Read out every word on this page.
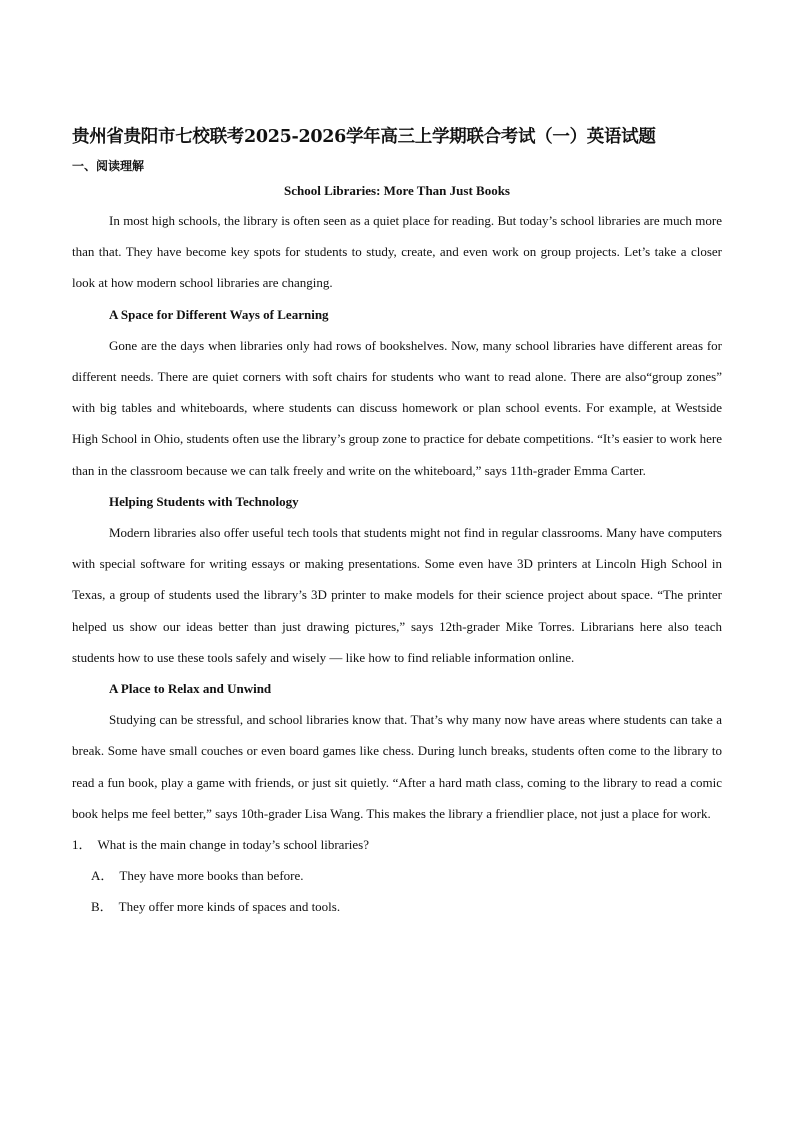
贵州省贵阳市七校联考2025-2026学年高三上学期联合考试（一）英语试题
一、阅读理解
School Libraries: More Than Just Books

In most high schools, the library is often seen as a quiet place for reading. But today’s school libraries are much more than that. They have become key spots for students to study, create, and even work on group projects. Let’s take a closer look at how modern school libraries are changing.

A Space for Different Ways of Learning

Gone are the days when libraries only had rows of bookshelves. Now, many school libraries have different areas for different needs. There are quiet corners with soft chairs for students who want to read alone. There are also“group zones” with big tables and whiteboards, where students can discuss homework or plan school events. For example, at Westside High School in Ohio, students often use the library’s group zone to practice for debate competitions. “It’s easier to work here than in the classroom because we can talk freely and write on the whiteboard,” says 11th-grader Emma Carter.

Helping Students with Technology

Modern libraries also offer useful tech tools that students might not find in regular classrooms. Many have computers with special software for writing essays or making presentations. Some even have 3D printers at Lincoln High School in Texas, a group of students used the library’s 3D printer to make models for their science project about space. “The printer helped us show our ideas better than just drawing pictures,” says 12th-grader Mike Torres. Librarians here also teach students how to use these tools safely and wisely — like how to find reliable information online.

A Place to Relax and Unwind

Studying can be stressful, and school libraries know that. That’s why many now have areas where students can take a break. Some have small couches or even board games like chess. During lunch breaks, students often come to the library to read a fun book, play a game with friends, or just sit quietly. “After a hard math class, coming to the library to read a comic book helps me feel better,” says 10th-grader Lisa Wang. This makes the library a friendlier place, not just a place for work.

1． What is the main change in today’s school libraries?
A． They have more books than before.
B． They offer more kinds of spaces and tools.
